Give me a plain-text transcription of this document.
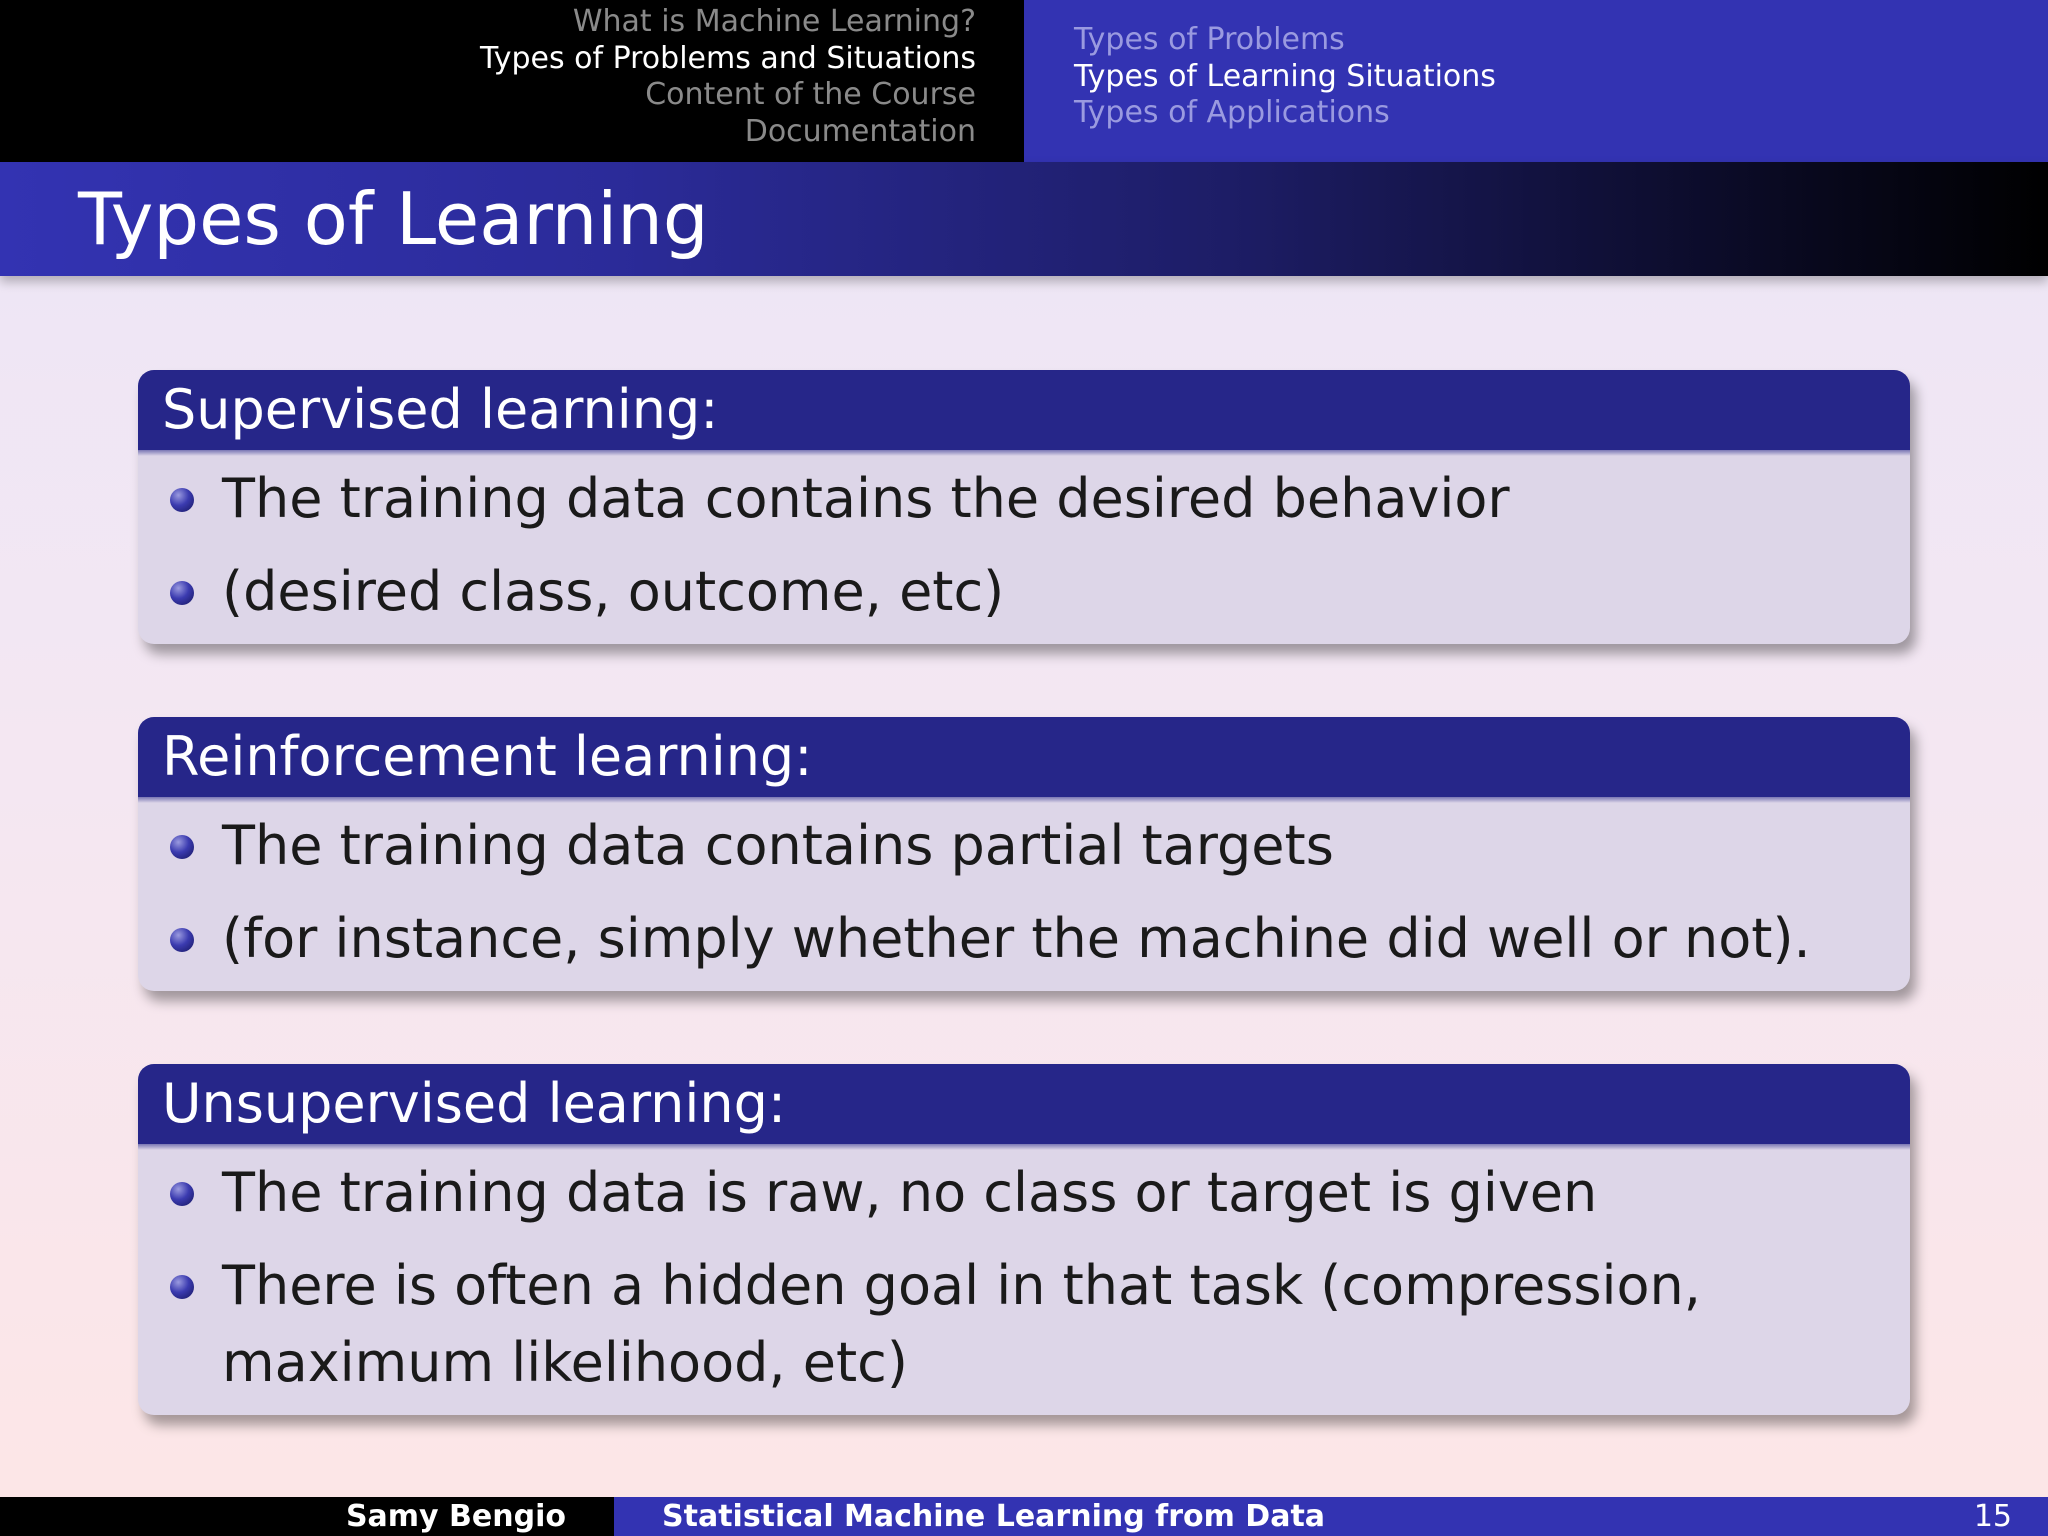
What is Machine Learning?
Types of Problems and Situations
Content of the Course
Documentation
Types of Problems
Types of Learning Situations
Types of Applications
Types of Learning
Supervised learning:
The training data contains the desired behavior
(desired class, outcome, etc)
Reinforcement learning:
The training data contains partial targets
(for instance, simply whether the machine did well or not).
Unsupervised learning:
The training data is raw, no class or target is given
There is often a hidden goal in that task (compression, maximum likelihood, etc)
Samy Bengio	Statistical Machine Learning from Data	15
